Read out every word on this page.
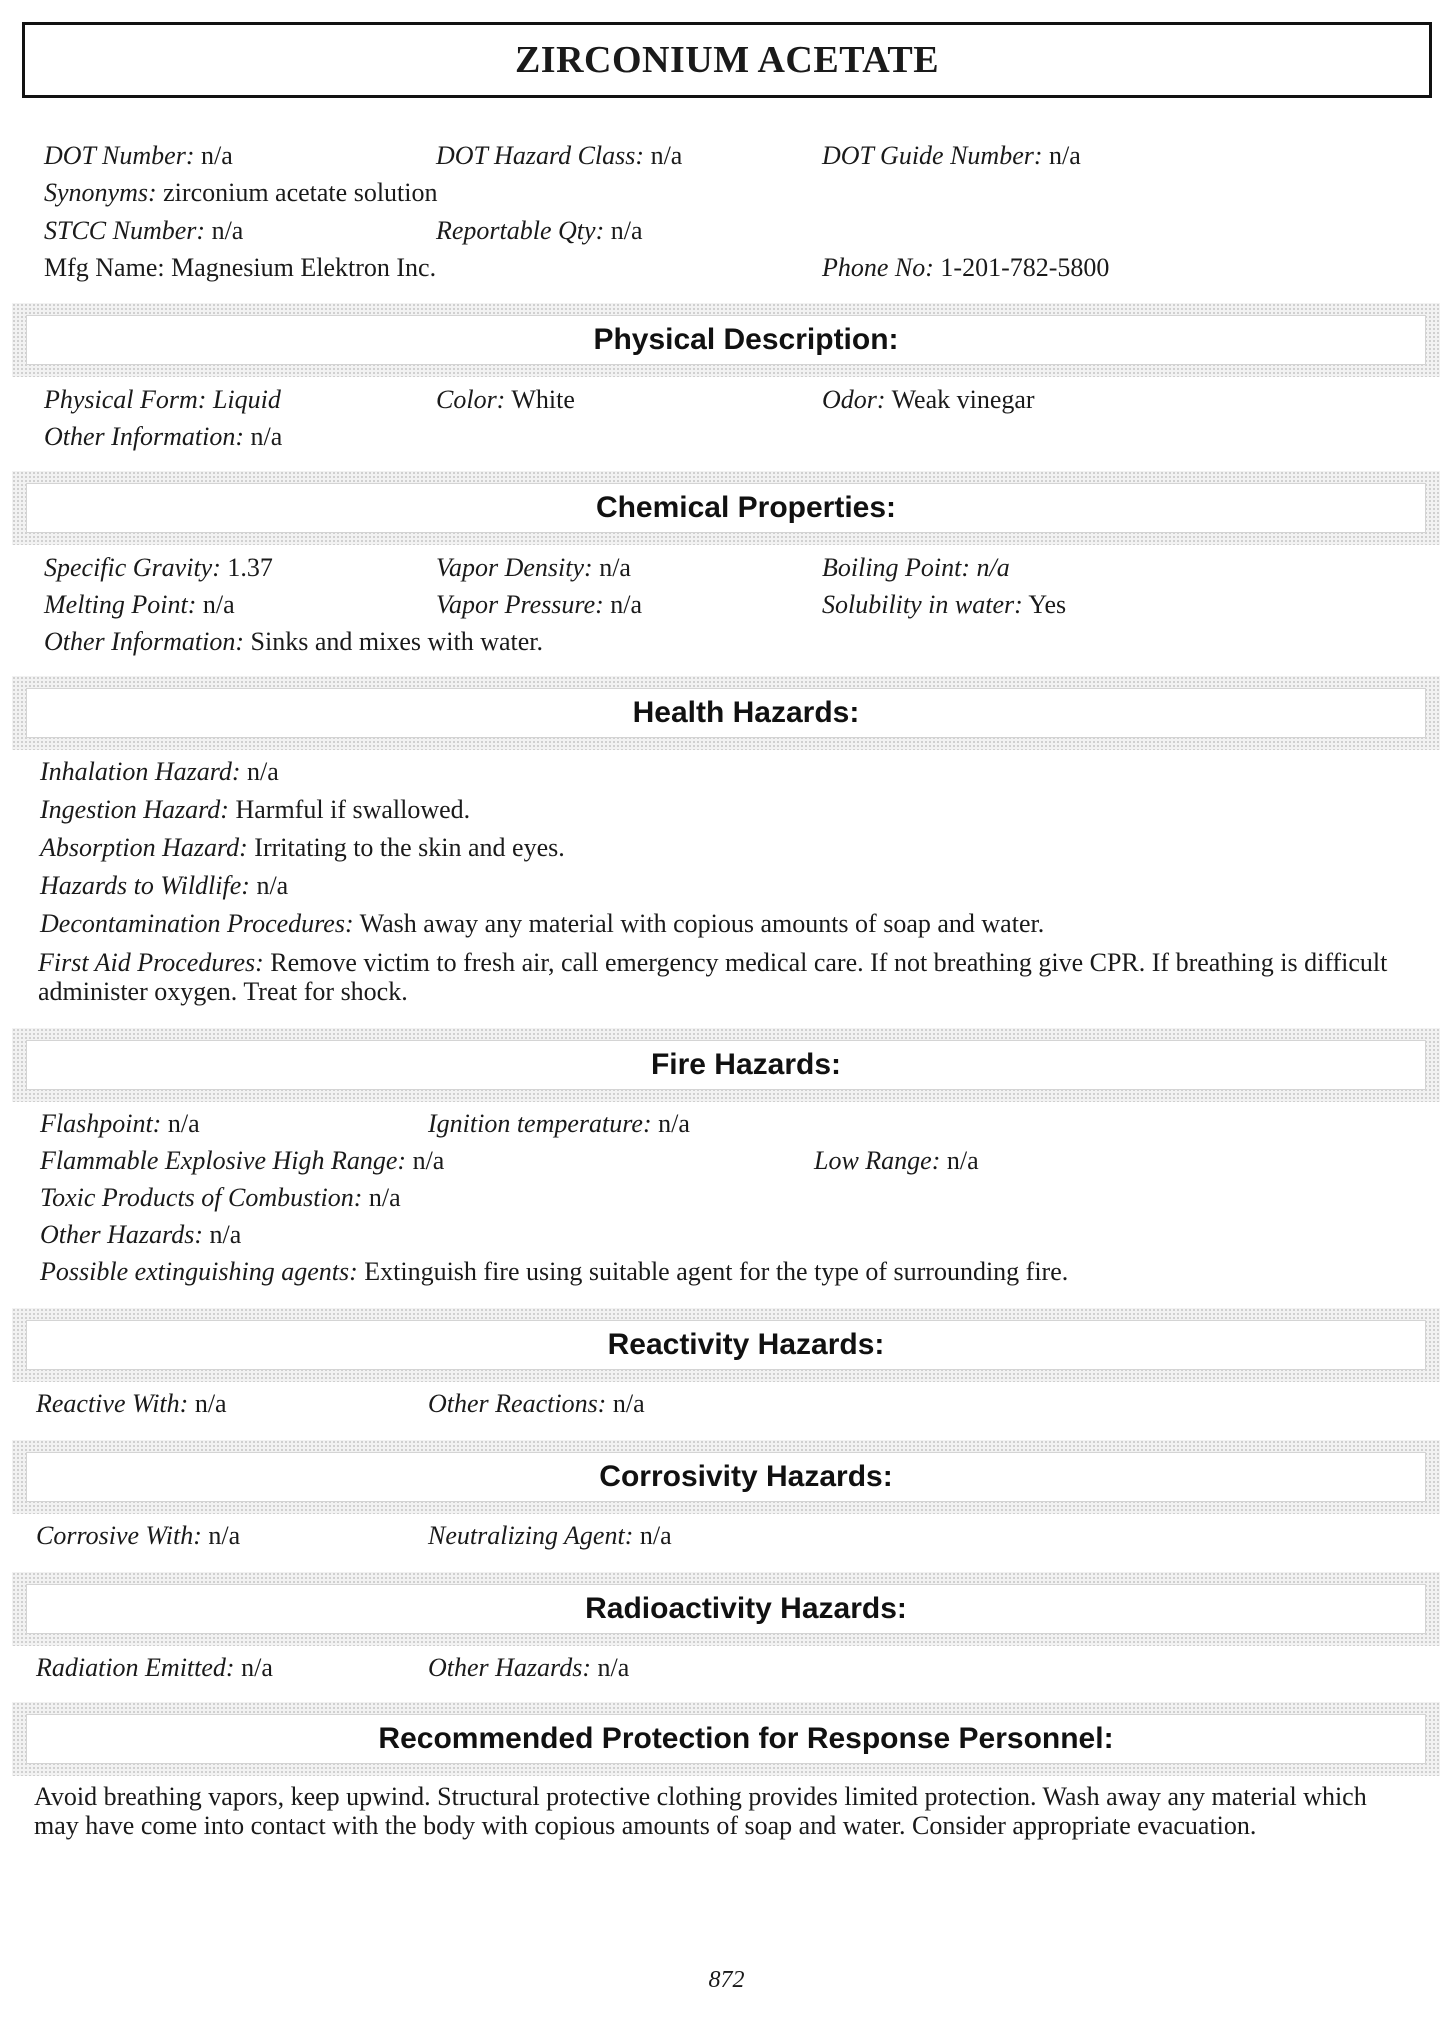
ZIRCONIUM ACETATE
DOT Number: n/a	DOT Hazard Class: n/a	DOT Guide Number: n/a
Synonyms: zirconium acetate solution
STCC Number: n/a	Reportable Qty: n/a
Mfg Name: Magnesium Elektron Inc.	Phone No: 1-201-782-5800
Physical Description:
Physical Form: Liquid	Color: White	Odor: Weak vinegar
Other Information: n/a
Chemical Properties:
Specific Gravity: 1.37	Vapor Density: n/a	Boiling Point: n/a
Melting Point: n/a	Vapor Pressure: n/a	Solubility in water: Yes
Other Information: Sinks and mixes with water.
Health Hazards:
Inhalation Hazard: n/a
Ingestion Hazard: Harmful if swallowed.
Absorption Hazard: Irritating to the skin and eyes.
Hazards to Wildlife: n/a
Decontamination Procedures: Wash away any material with copious amounts of soap and water.
First Aid Procedures: Remove victim to fresh air, call emergency medical care. If not breathing give CPR. If breathing is difficult administer oxygen. Treat for shock.
Fire Hazards:
Flashpoint: n/a	Ignition temperature: n/a
Flammable Explosive High Range: n/a	Low Range: n/a
Toxic Products of Combustion: n/a
Other Hazards: n/a
Possible extinguishing agents: Extinguish fire using suitable agent for the type of surrounding fire.
Reactivity Hazards:
Reactive With: n/a	Other Reactions: n/a
Corrosivity Hazards:
Corrosive With: n/a	Neutralizing Agent: n/a
Radioactivity Hazards:
Radiation Emitted: n/a	Other Hazards: n/a
Recommended Protection for Response Personnel:
Avoid breathing vapors, keep upwind. Structural protective clothing provides limited protection. Wash away any material which may have come into contact with the body with copious amounts of soap and water. Consider appropriate evacuation.
872
